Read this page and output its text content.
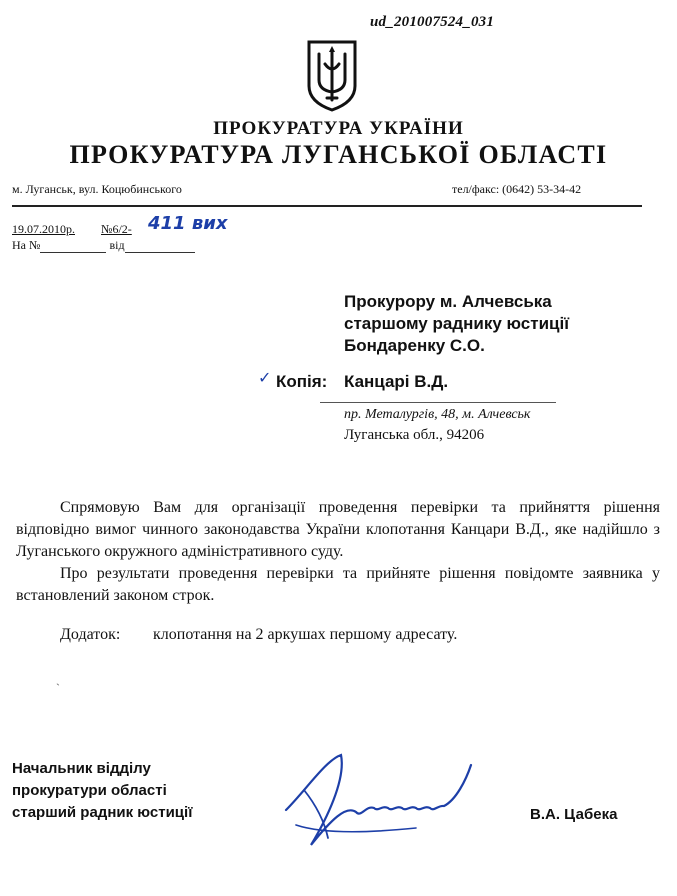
ud_201007524_031
ПРОКУРАТУРА УКРАЇНИ
ПРОКУРАТУРА ЛУГАНСЬКОЇ ОБЛАСТІ
м. Луганськ, вул. Коцюбинського	тел/факс: (0642) 53-34-42
19.07.2010р. №6/2- 411 вих
На №	від
Прокурору м. Алчевська
старшому раднику юстиції
Бондаренку С.О.
✓ Копія: Канцарі В.Д.
пр. Металургів, 48, м. Алчевськ
Луганська обл., 94206

Спрямовую Вам для організації проведення перевірки та прийняття рішення відповідно вимог чинного законодавства України клопотання Канцари В.Д., яке надійшло з Луганського окружного адміністративного суду.

Про результати проведення перевірки та прийняте рішення повідомте заявника у встановлений законом строк.

Додаток: клопотання на 2 аркушах першому адресату.
ˎ
Начальник відділу
прокуратури області
старший радник юстиції	В.А. Цабека
